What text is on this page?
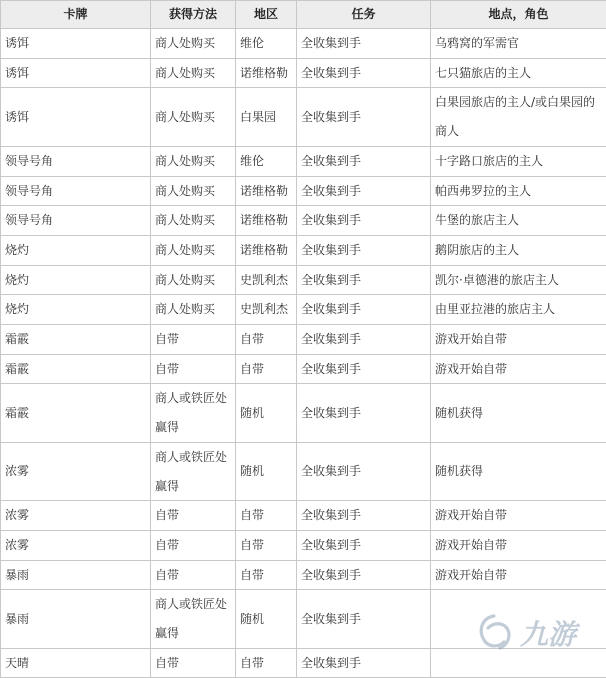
卡牌	获得方法	地区	任务	地点，角色
诱饵	商人处购买	维伦	全收集到手	乌鸦窝的军需官
诱饵	商人处购买	诺维格勒	全收集到手	七只猫旅店的主人
诱饵	商人处购买	白果园	全收集到手	白果园旅店的主人/或白果园的商人
领导号角	商人处购买	维伦	全收集到手	十字路口旅店的主人
领导号角	商人处购买	诺维格勒	全收集到手	帕西弗罗拉的主人
领导号角	商人处购买	诺维格勒	全收集到手	牛堡的旅店主人
烧灼	商人处购买	诺维格勒	全收集到手	鹅阴旅店的主人
烧灼	商人处购买	史凯利杰	全收集到手	凯尔·卓德港的旅店主人
烧灼	商人处购买	史凯利杰	全收集到手	由里亚拉港的旅店主人
霜霰	自带	自带	全收集到手	游戏开始自带
霜霰	自带	自带	全收集到手	游戏开始自带
霜霰	商人或铁匠处赢得	随机	全收集到手	随机获得
浓雾	商人或铁匠处赢得	随机	全收集到手	随机获得
浓雾	自带	自带	全收集到手	游戏开始自带
浓雾	自带	自带	全收集到手	游戏开始自带
暴雨	自带	自带	全收集到手	游戏开始自带
暴雨	商人或铁匠处赢得	随机	全收集到手	
天晴	自带	自带	全收集到手	
九游
